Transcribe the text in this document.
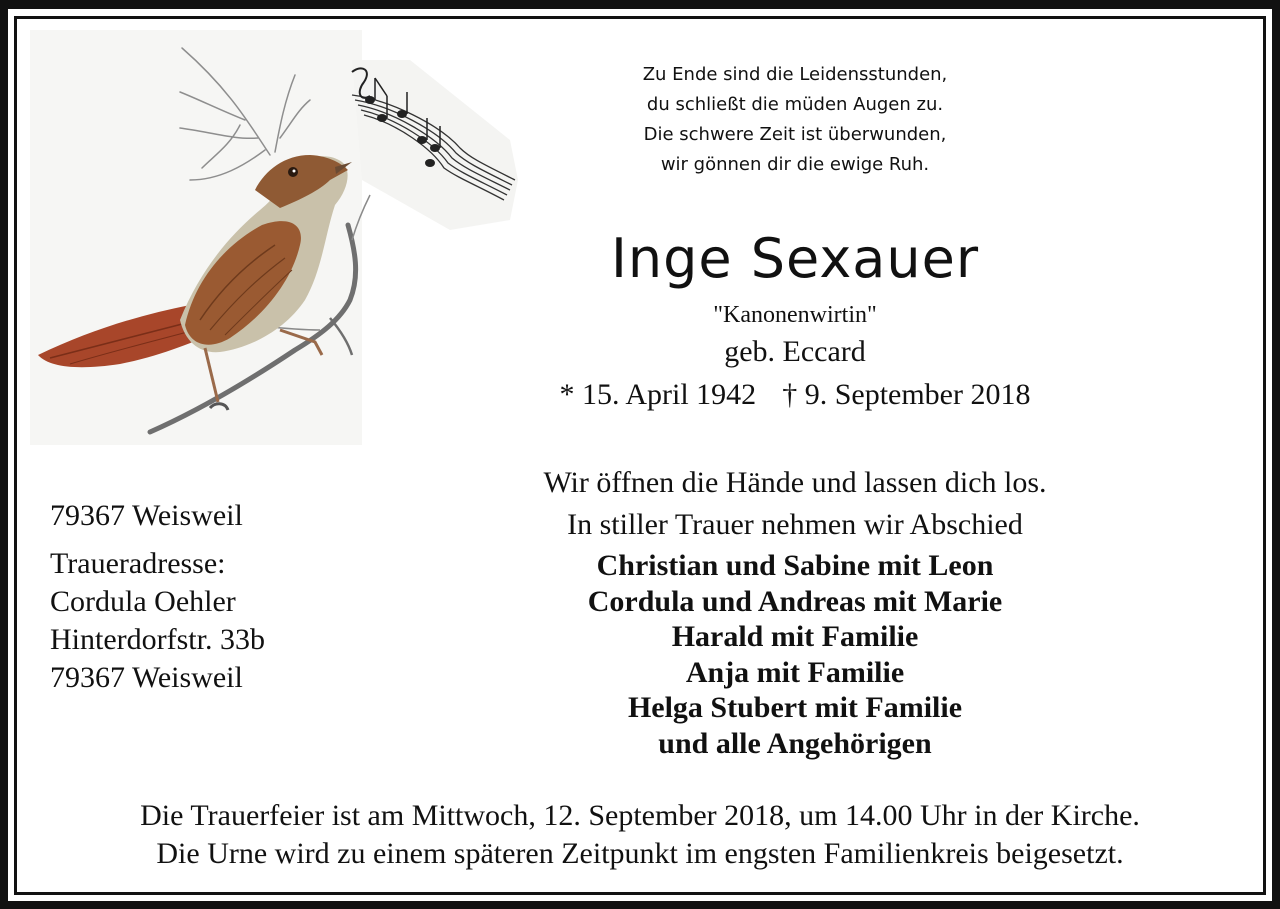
Zu Ende sind die Leidensstunden,
du schließt die müden Augen zu.
Die schwere Zeit ist überwunden,
wir gönnen dir die ewige Ruh.
Inge Sexauer
"Kanonenwirtin"
geb. Eccard
* 15. April 1942 † 9. September 2018
Wir öffnen die Hände und lassen dich los.
In stiller Trauer nehmen wir Abschied
Christian und Sabine mit Leon
Cordula und Andreas mit Marie
Harald mit Familie
Anja mit Familie
Helga Stubert mit Familie
und alle Angehörigen
79367 Weisweil
Traueradresse:
Cordula Oehler
Hinterdorfstr. 33b
79367 Weisweil
Die Trauerfeier ist am Mittwoch, 12. September 2018, um 14.00 Uhr in der Kirche.
Die Urne wird zu einem späteren Zeitpunkt im engsten Familienkreis beigesetzt.
